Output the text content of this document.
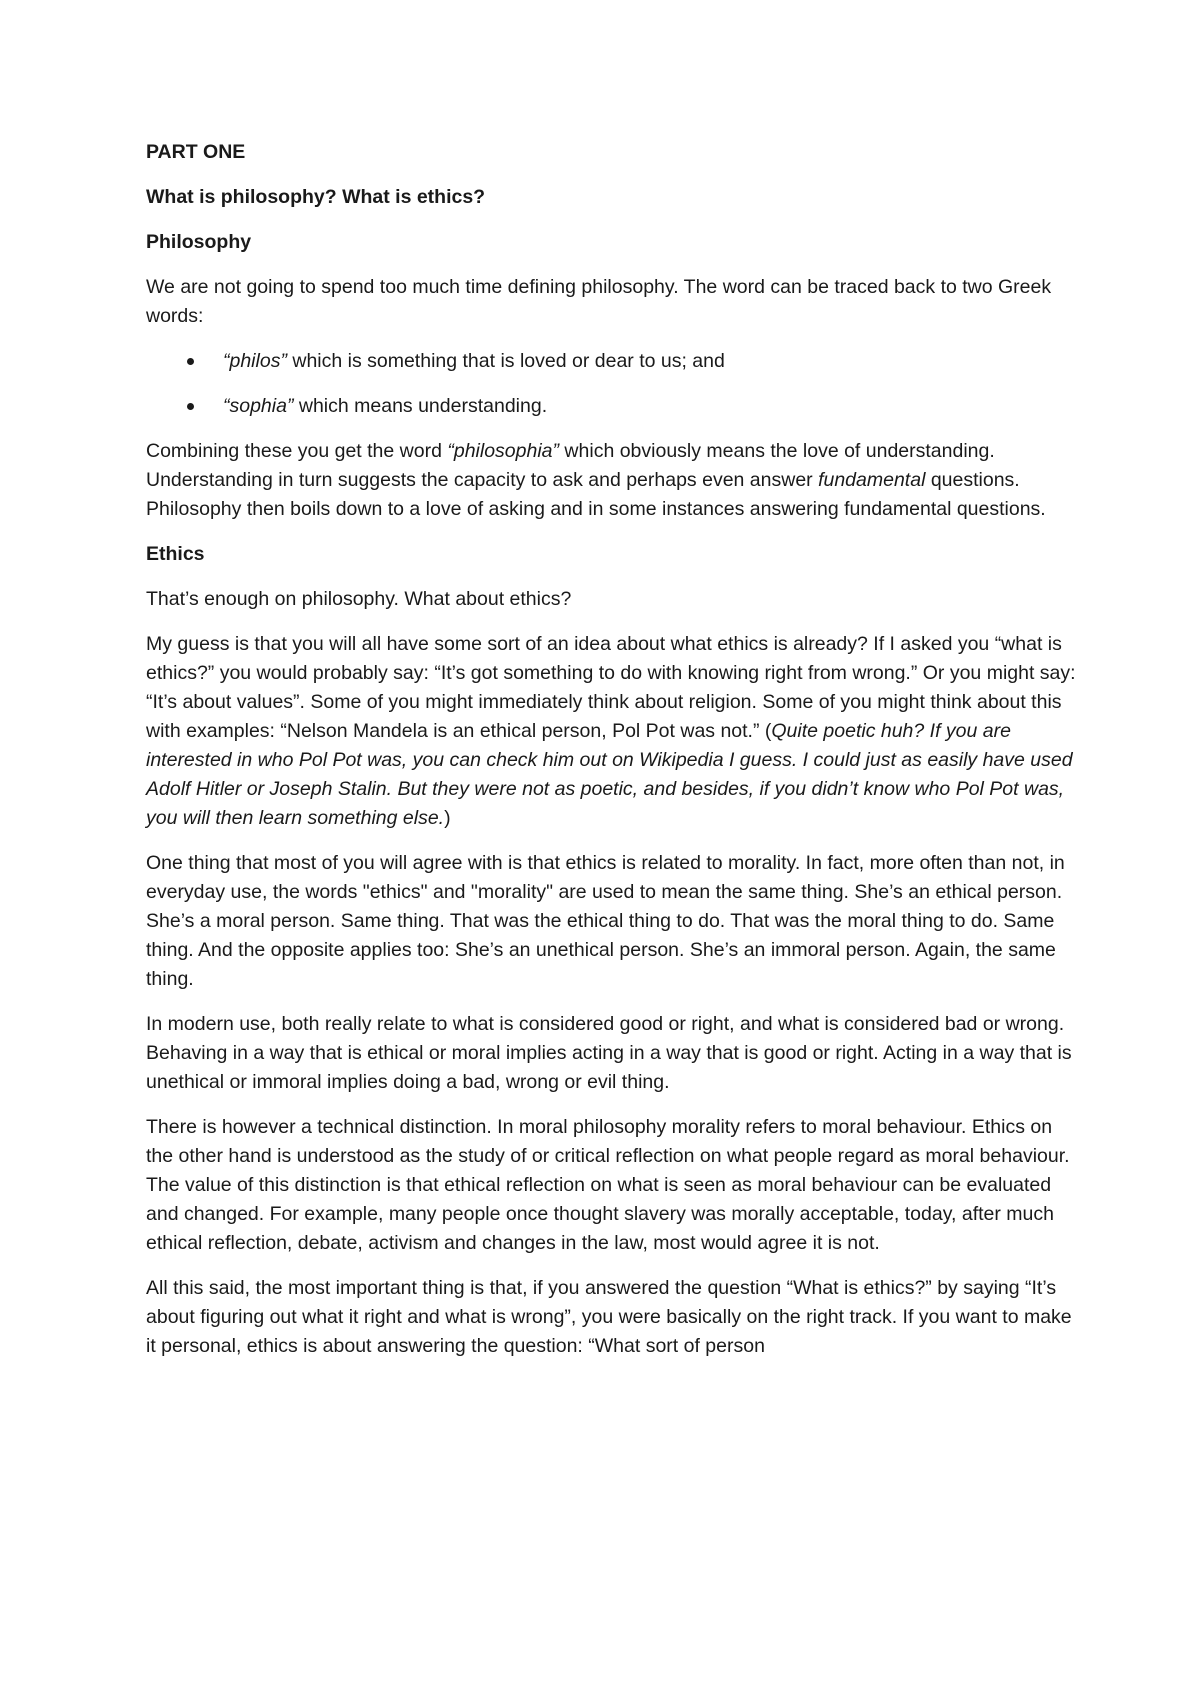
PART ONE
What is philosophy? What is ethics?
Philosophy

We are not going to spend too much time defining philosophy. The word can be traced back to two Greek words:

“philos” which is something that is loved or dear to us; and
“sophia” which means understanding.

Combining these you get the word “philosophia” which obviously means the love of understanding. Understanding in turn suggests the capacity to ask and perhaps even answer fundamental questions. Philosophy then boils down to a love of asking and in some instances answering fundamental questions.

Ethics

That’s enough on philosophy. What about ethics?

My guess is that you will all have some sort of an idea about what ethics is already? If I asked you “what is ethics?” you would probably say: “It’s got something to do with knowing right from wrong.” Or you might say: “It’s about values”. Some of you might immediately think about religion. Some of you might think about this with examples: “Nelson Mandela is an ethical person, Pol Pot was not.” (Quite poetic huh? If you are interested in who Pol Pot was, you can check him out on Wikipedia I guess. I could just as easily have used Adolf Hitler or Joseph Stalin. But they were not as poetic, and besides, if you didn’t know who Pol Pot was, you will then learn something else.)

One thing that most of you will agree with is that ethics is related to morality. In fact, more often than not, in everyday use, the words "ethics" and "morality" are used to mean the same thing. She’s an ethical person. She’s a moral person. Same thing. That was the ethical thing to do. That was the moral thing to do. Same thing. And the opposite applies too: She’s an unethical person. She’s an immoral person. Again, the same thing.

In modern use, both really relate to what is considered good or right, and what is considered bad or wrong. Behaving in a way that is ethical or moral implies acting in a way that is good or right. Acting in a way that is unethical or immoral implies doing a bad, wrong or evil thing.

There is however a technical distinction. In moral philosophy morality refers to moral behaviour. Ethics on the other hand is understood as the study of or critical reflection on what people regard as moral behaviour. The value of this distinction is that ethical reflection on what is seen as moral behaviour can be evaluated and changed. For example, many people once thought slavery was morally acceptable, today, after much ethical reflection, debate, activism and changes in the law, most would agree it is not.

All this said, the most important thing is that, if you answered the question “What is ethics?” by saying “It’s about figuring out what it right and what is wrong”, you were basically on the right track. If you want to make it personal, ethics is about answering the question: “What sort of person
